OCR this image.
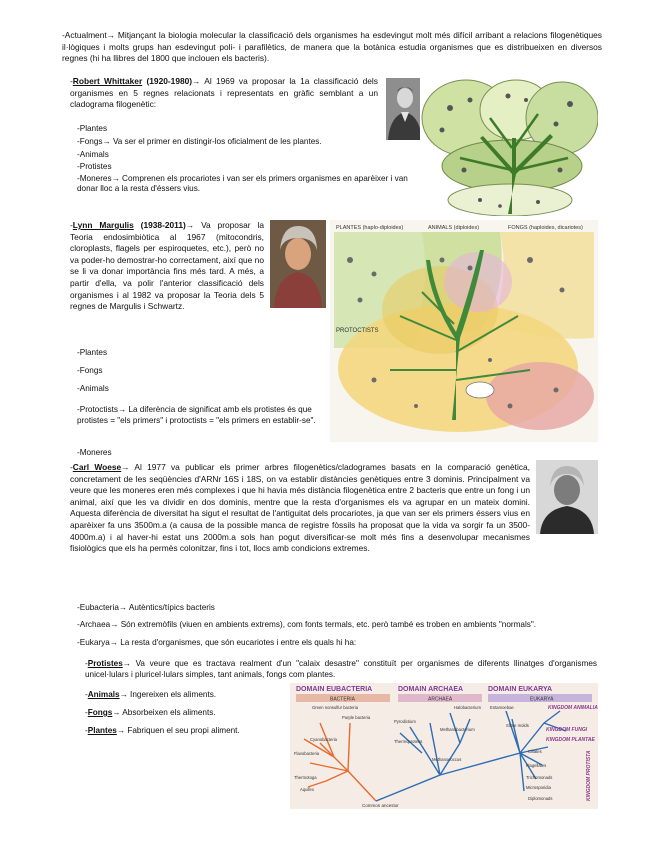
-Actualment→ Mitjançant la biologia molecular la classificació dels organismes ha esdevingut molt més difícil arribant a relacions filogenètiques il·lògiques i molts grups han esdevingut poli- i parafilètics, de manera que la botànica estudia organismes que es distribueixen en diversos regnes (hi ha llibres del 1800 que inclouen els bacteris).
-Robert Whittaker (1920-1980)→ Al 1969 va proposar la 1a classificació dels organismes en 5 regnes relacionats i representats en gràfic semblant a un cladograma filogenètic:
-Plantes
-Fongs→ Va ser el primer en distingir-los oficialment de les plantes.
-Animals
-Protistes
-Moneres→ Comprenen els procariotes i van ser els primers organismes en aparèixer i van donar lloc a la resta d'éssers vius.
-Lynn Margulis (1938-2011)→ Va proposar la Teoria endosimbiòtica al 1967 (mitocondris, cloroplasts, flagels per espiroquetes, etc.), però no va poder-ho demostrar-ho correctament, així que no se li va donar importància fins més tard. A més, a partir d'ella, va polir l'anterior classificació dels organismes i al 1982 va proposar la Teoria dels 5 regnes de Margulis i Schwartz.
PLANTES (haplo-diploides)	ANIMALS (diploides)	FONGS (haploides, dicariotes)
PROTOCTISTS
-Plantes
-Fongs
-Animals
-Protoctists→ La diferència de significat amb els protistes és que protistes = "els primers" i protoctists = "els primers en establir-se".
-Moneres
-Carl Woese→ Al 1977 va publicar els primer arbres filogenètics/cladogrames basats en la comparació genètica, concretament de les seqüències d'ARNr 16S i 18S, on va establir distàncies genètiques entre 3 dominis. Principalment va veure que les moneres eren més complexes i que hi havia més distància filogenètica entre 2 bacteris que entre un fong i un animal, així que les va dividir en dos dominis, mentre que la resta d'organismes els va agrupar en un mateix domini. Aquesta diferència de diversitat ha sigut el resultat de l'antiguitat dels procariotes, ja que van ser els primers éssers vius en aparèixer fa uns 3500m.a (a causa de la possible manca de registre fòssils ha proposat que la vida va sorgir fa un 3500-4000m.a) i al haver-hi estat uns 2000m.a sols han pogut diversificar-se molt més fins a desenvolupar mecanismes fisiològics que els ha permès colonitzar, fins i tot, llocs amb condicions extremes.
-Eubacteria→ Autèntics/típics bacteris
-Archaea→ Són extremòfils (viuen en ambients extrems), com fonts termals, etc. però també es troben en ambients "normals".
-Eukarya→ La resta d'organismes, que són eucariotes i entre els quals hi ha:
-Protistes→ Va veure que es tractava realment d'un "calaix desastre" constituït per organismes de diferents llinatges d'organismes unicel·lulars i pluricel·lulars simples, tant animals, fongs com plantes.
-Animals→ Ingereixen els aliments.
-Fongs→ Absorbeixen els aliments.
-Plantes→ Fabriquen el seu propi aliment.
DOMAIN EUBACTERIA	DOMAIN ARCHAEA	DOMAIN EUKARYA
BACTERIA	ARCHAEA	EUKARYA
Green nonsulfur bacteria
Purple bacteria
Cyanobacteria
Flavobacteria
Thermotoga
Aquifex
Pyrodictium
Thermoproteus
Methanococcus
Methanobacterium
Halobacterium Entamoebae
Slime molds
Ciliates
Flagellates
Trichomonads
Microsporidia
Diplomonads
KINGDOM ANIMALIA
KINGDOM FUNGI
KINGDOM PLANTAE
KINGDOM PROTISTA
Common ancestor
